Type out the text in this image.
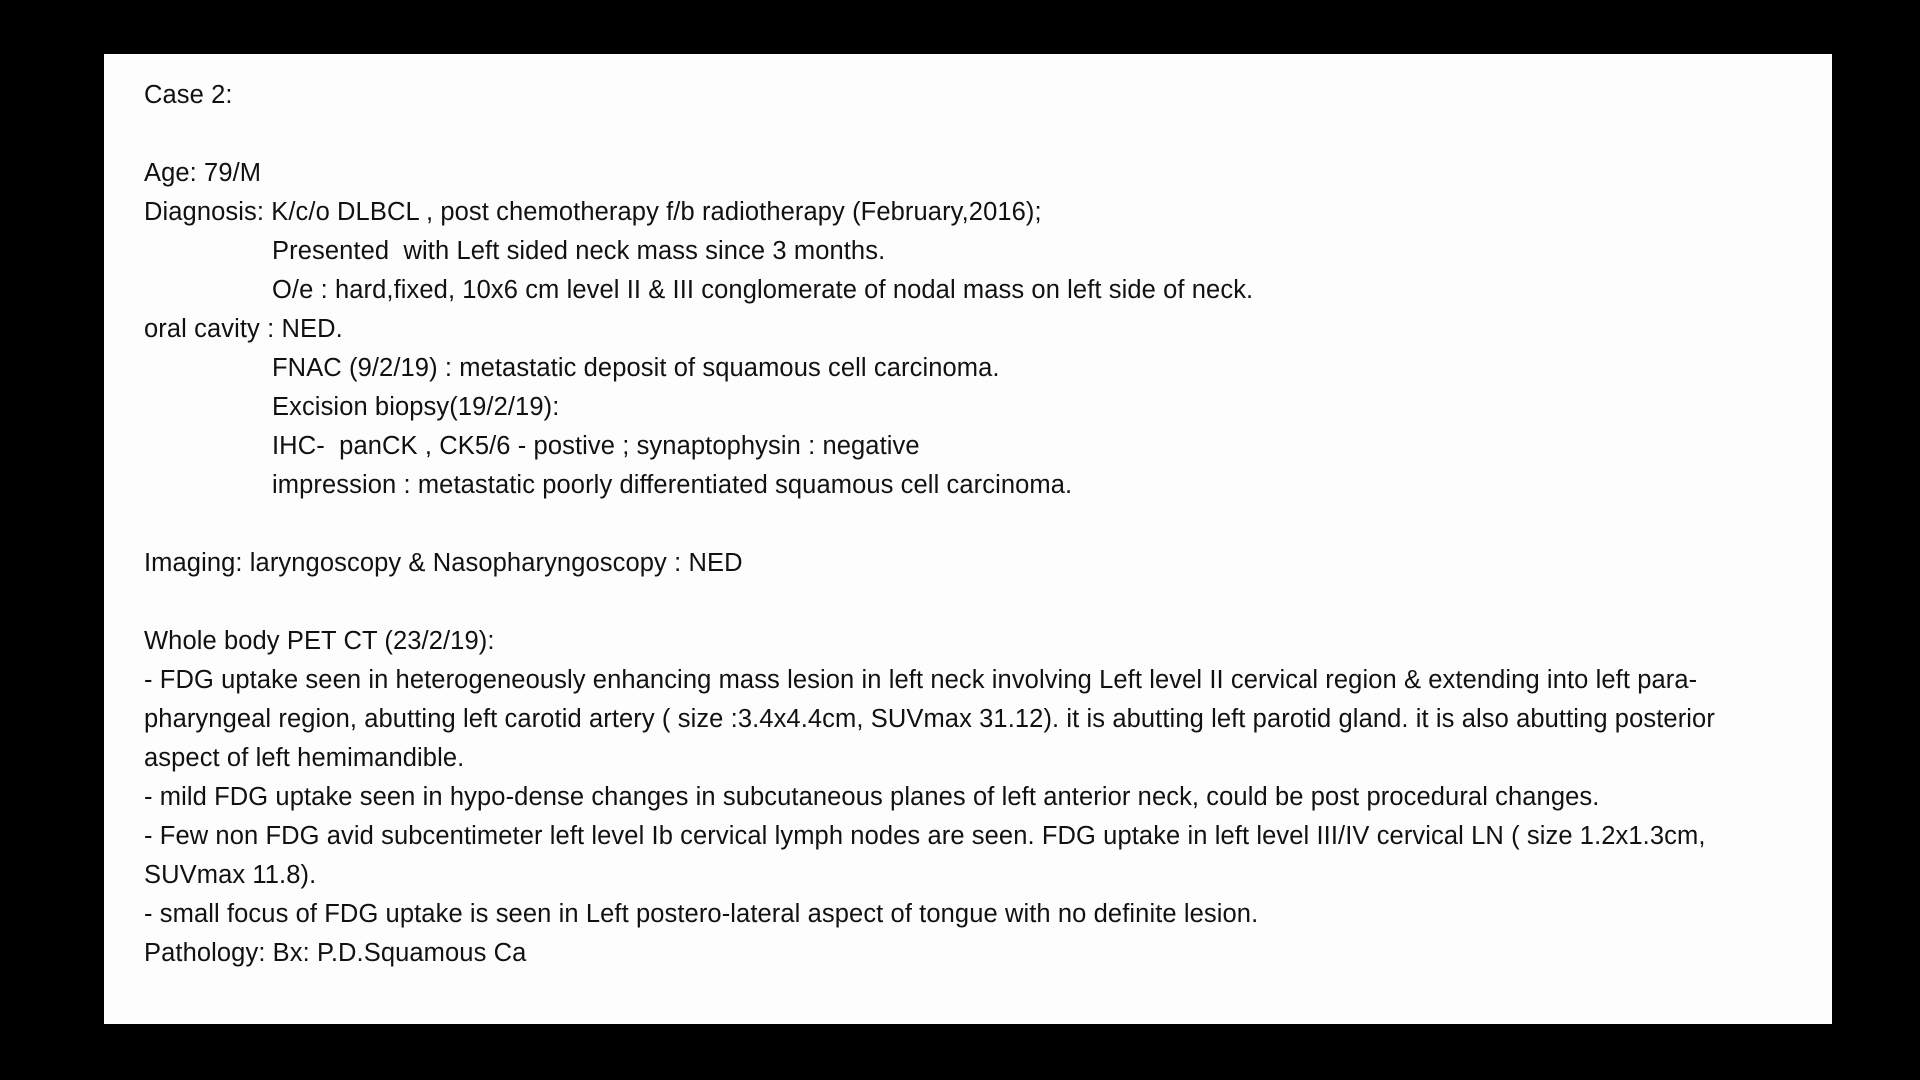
Case 2:
Age: 79/M
Diagnosis: K/c/o DLBCL , post chemotherapy f/b radiotherapy (February,2016);
Presented  with Left sided neck mass since 3 months.
O/e : hard,fixed, 10x6 cm level II & III conglomerate of nodal mass on left side of neck.
oral cavity : NED.
FNAC (9/2/19) : metastatic deposit of squamous cell carcinoma.
Excision biopsy(19/2/19):
IHC-  panCK , CK5/6 - postive ; synaptophysin : negative
impression : metastatic poorly differentiated squamous cell carcinoma.
Imaging: laryngoscopy & Nasopharyngoscopy : NED
Whole body PET CT (23/2/19):
- FDG uptake seen in heterogeneously enhancing mass lesion in left neck involving Left level II cervical region & extending into left para-pharyngeal region, abutting left carotid artery ( size :3.4x4.4cm, SUVmax 31.12). it is abutting left parotid gland. it is also abutting posterior aspect of left hemimandible.
- mild FDG uptake seen in hypo-dense changes in subcutaneous planes of left anterior neck, could be post procedural changes.
- Few non FDG avid subcentimeter left level Ib cervical lymph nodes are seen. FDG uptake in left level III/IV cervical LN ( size 1.2x1.3cm, SUVmax 11.8).
- small focus of FDG uptake is seen in Left postero-lateral aspect of tongue with no definite lesion.
Pathology: Bx: P.D.Squamous Ca
